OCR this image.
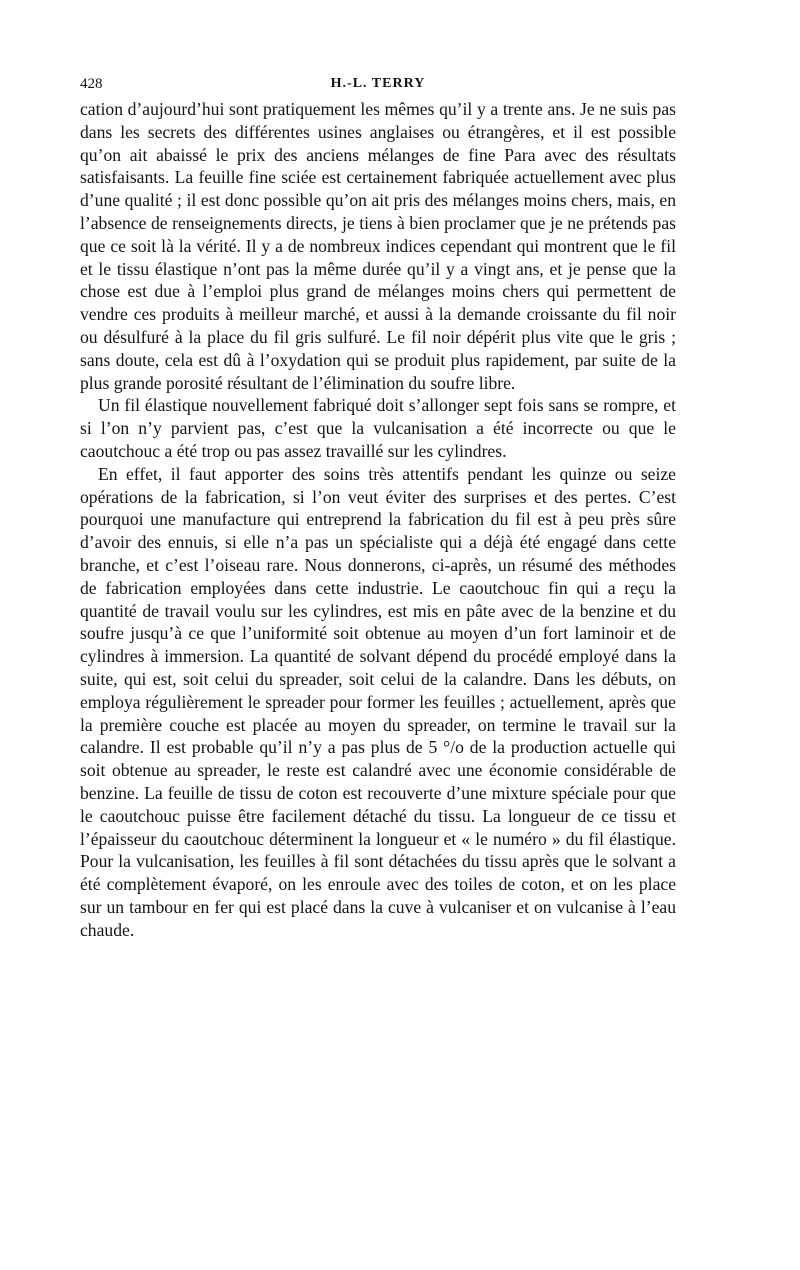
428	H.-L. TERRY

cation d’aujourd’hui sont pratiquement les mêmes qu’il y a trente ans. Je ne suis pas dans les secrets des différentes usines anglaises ou étrangères, et il est possible qu’on ait abaissé le prix des anciens mélanges de fine Para avec des résultats satisfaisants. La feuille fine sciée est certainement fabriquée actuellement avec plus d’une qualité ; il est donc possible qu’on ait pris des mélanges moins chers, mais, en l’absence de renseignements directs, je tiens à bien proclamer que je ne prétends pas que ce soit là la vérité. Il y a de nombreux indices cependant qui montrent que le fil et le tissu élastique n’ont pas la même durée qu’il y a vingt ans, et je pense que la chose est due à l’emploi plus grand de mélanges moins chers qui permettent de vendre ces produits à meilleur marché, et aussi à la demande croissante du fil noir ou désulfuré à la place du fil gris sulfuré. Le fil noir dépérit plus vite que le gris ; sans doute, cela est dû à l’oxydation qui se produit plus rapidement, par suite de la plus grande porosité résultant de l’élimination du soufre libre.

Un fil élastique nouvellement fabriqué doit s’allonger sept fois sans se rompre, et si l’on n’y parvient pas, c’est que la vulcanisation a été incorrecte ou que le caoutchouc a été trop ou pas assez travaillé sur les cylindres.

En effet, il faut apporter des soins très attentifs pendant les quinze ou seize opérations de la fabrication, si l’on veut éviter des surprises et des pertes. C’est pourquoi une manufacture qui entreprend la fabrication du fil est à peu près sûre d’avoir des ennuis, si elle n’a pas un spécialiste qui a déjà été engagé dans cette branche, et c’est l’oiseau rare. Nous donnerons, ci-après, un résumé des méthodes de fabrication employées dans cette industrie. Le caoutchouc fin qui a reçu la quantité de travail voulu sur les cylindres, est mis en pâte avec de la benzine et du soufre jusqu’à ce que l’uniformité soit obtenue au moyen d’un fort laminoir et de cylindres à immersion. La quantité de solvant dépend du procédé employé dans la suite, qui est, soit celui du spreader, soit celui de la calandre. Dans les débuts, on employa régulièrement le spreader pour former les feuilles ; actuellement, après que la première couche est placée au moyen du spreader, on termine le travail sur la calandre. Il est probable qu’il n’y a pas plus de 5 °/o de la production actuelle qui soit obtenue au spreader, le reste est calandré avec une économie considérable de benzine. La feuille de tissu de coton est recouverte d’une mixture spéciale pour que le caoutchouc puisse être facilement détaché du tissu. La longueur de ce tissu et l’épaisseur du caoutchouc déterminent la longueur et « le numéro » du fil élastique. Pour la vulcanisation, les feuilles à fil sont détachées du tissu après que le solvant a été complètement évaporé, on les enroule avec des toiles de coton, et on les place sur un tambour en fer qui est placé dans la cuve à vulcaniser et on vulcanise à l’eau chaude.
